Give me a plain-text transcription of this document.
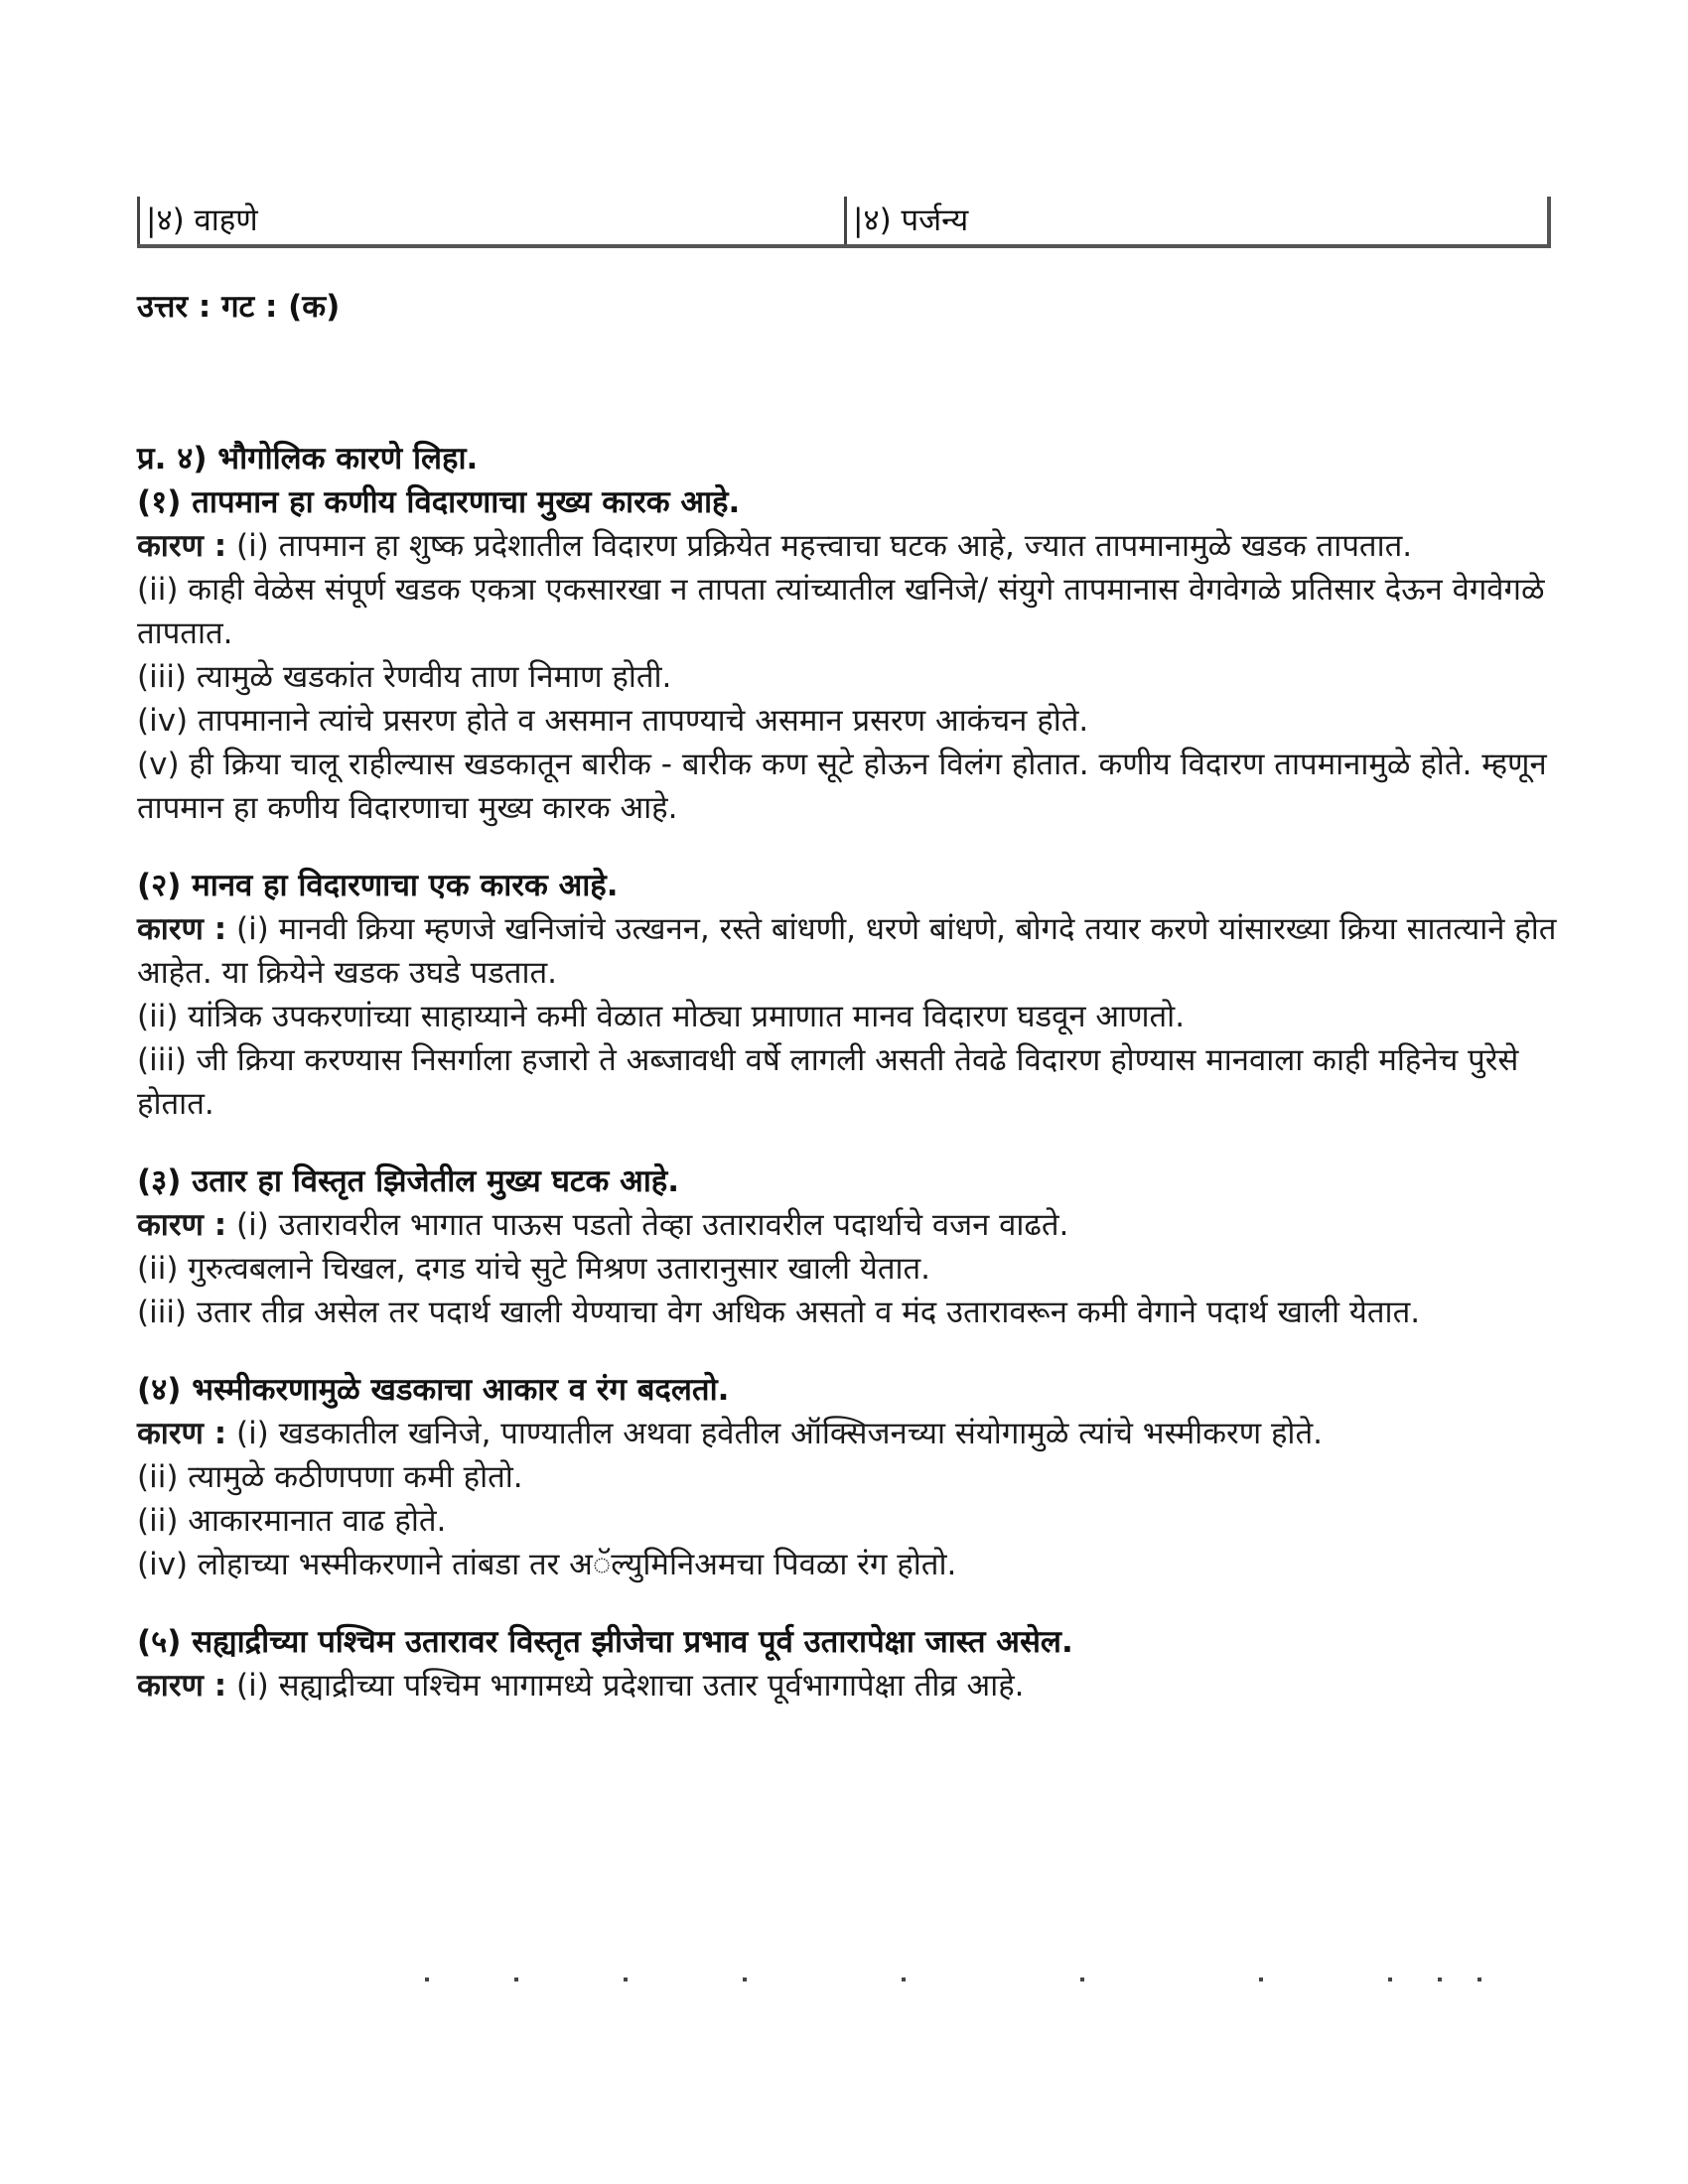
|४) वाहणे	|४) पर्जन्य
उत्तर : गट : (क)

प्र. ४) भौगोलिक कारणे लिहा.

(१) तापमान हा कणीय विदारणाचा मुख्य कारक आहे.

कारण : (i) तापमान हा शुष्क प्रदेशातील विदारण प्रक्रियेत महत्त्वाचा घटक आहे, ज्यात तापमानामुळे खडक तापतात.

(ii) काही वेळेस संपूर्ण खडक एकत्रा एकसारखा न तापता त्यांच्यातील खनिजे/ संयुगे तापमानास वेगवेगळे प्रतिसार देऊन वेगवेगळे तापतात.

(iii) त्यामुळे खडकांत रेणवीय ताण निमाण होती.

(iv) तापमानाने त्यांचे प्रसरण होते व असमान तापण्याचे असमान प्रसरण आकंचन होते.

(v) ही क्रिया चालू राहील्यास खडकातून बारीक - बारीक कण सूटे होऊन विलंग होतात. कणीय विदारण तापमानामुळे होते. म्हणून तापमान हा कणीय विदारणाचा मुख्य कारक आहे.

(२) मानव हा विदारणाचा एक कारक आहे.

कारण : (i) मानवी क्रिया म्हणजे खनिजांचे उत्खनन, रस्ते बांधणी, धरणे बांधणे, बोगदे तयार करणे यांसारख्या क्रिया सातत्याने होत आहेत. या क्रियेने खडक उघडे पडतात.

(ii) यांत्रिक उपकरणांच्या साहाय्याने कमी वेळात मोठ्या प्रमाणात मानव विदारण घडवून आणतो.

(iii) जी क्रिया करण्यास निसर्गाला हजारो ते अब्जावधी वर्षे लागली असती तेवढे विदारण होण्यास मानवाला काही महिनेच पुरेसे होतात.

(३) उतार हा विस्तृत झिजेतील मुख्य घटक आहे.

कारण : (i) उतारावरील भागात पाऊस पडतो तेव्हा उतारावरील पदार्थाचे वजन वाढते.

(ii) गुरुत्वबलाने चिखल, दगड यांचे सुटे मिश्रण उतारानुसार खाली येतात.

(iii) उतार तीव्र असेल तर पदार्थ खाली येण्याचा वेग अधिक असतो व मंद उतारावरून कमी वेगाने पदार्थ खाली येतात.

(४) भस्मीकरणामुळे खडकाचा आकार व रंग बदलतो.

कारण : (i) खडकातील खनिजे, पाण्यातील अथवा हवेतील ऑक्सिजनच्या संयोगामुळे त्यांचे भस्मीकरण होते.

(ii) त्यामुळे कठीणपणा कमी होतो.

(ii) आकारमानात वाढ होते.

(iv) लोहाच्या भस्मीकरणाने तांबडा तर अॅल्युमिनिअमचा पिवळा रंग होतो.

(५) सह्याद्रीच्या पश्चिम उतारावर विस्तृत झीजेचा प्रभाव पूर्व उतारापेक्षा जास्त असेल.

कारण : (i) सह्याद्रीच्या पश्चिम भागामध्ये प्रदेशाचा उतार पूर्वभागापेक्षा तीव्र आहे.
